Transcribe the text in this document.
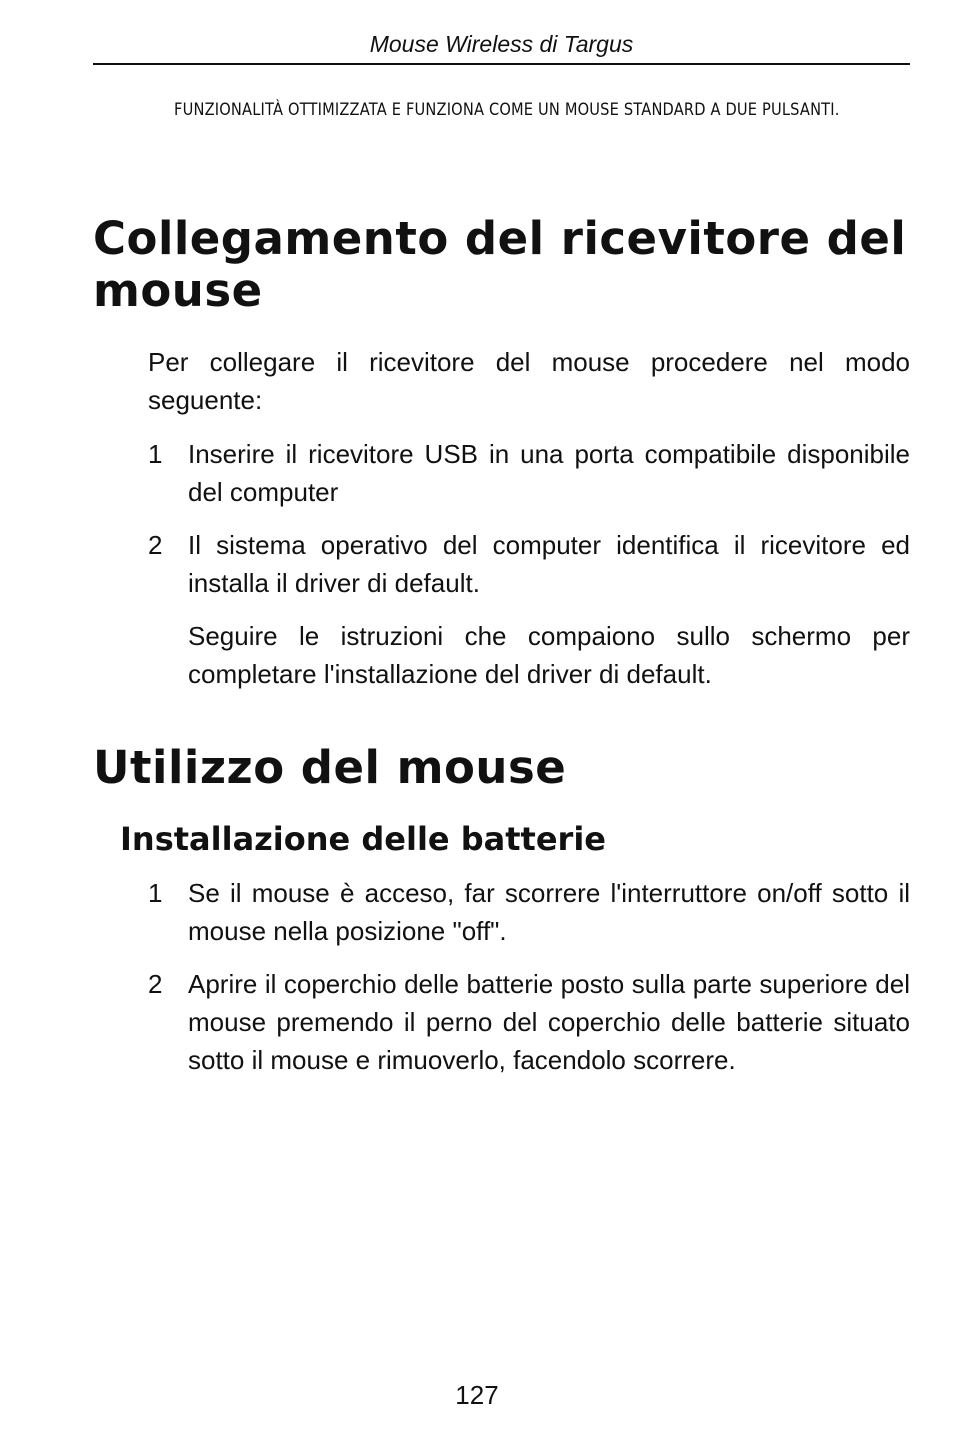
Mouse Wireless di Targus
FUNZIONALITÀ OTTIMIZZATA E FUNZIONA COME UN MOUSE STANDARD A DUE PULSANTI.
Collegamento del ricevitore del mouse
Per collegare il ricevitore del mouse procedere nel modo seguente:
1 Inserire il ricevitore USB in una porta compatibile disponibile del computer
2 Il sistema operativo del computer identifica il ricevitore ed installa il driver di default.
Seguire le istruzioni che compaiono sullo schermo per completare l'installazione del driver di default.
Utilizzo del mouse
Installazione delle batterie
1 Se il mouse è acceso, far scorrere l'interruttore on/off sotto il mouse nella posizione "off".
2 Aprire il coperchio delle batterie posto sulla parte superiore del mouse premendo il perno del coperchio delle batterie situato sotto il mouse e rimuoverlo, facendolo scorrere.
127
